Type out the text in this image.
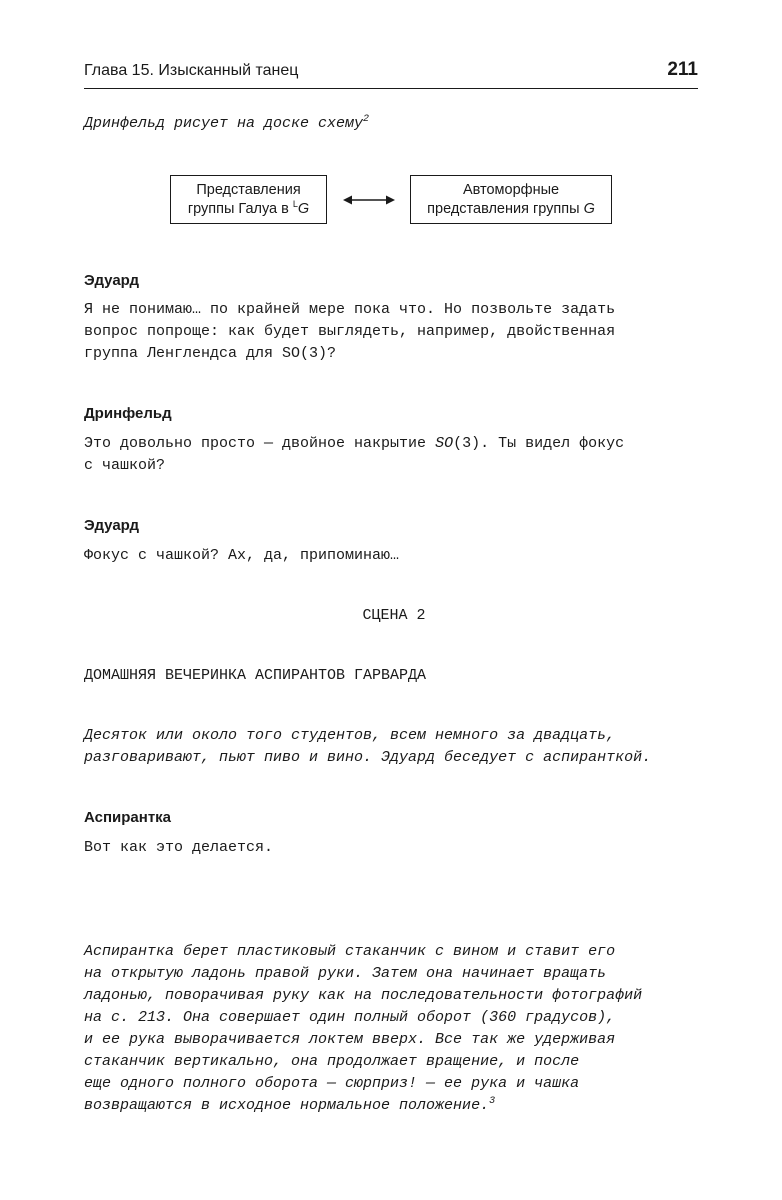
Глава 15. Изысканный танец	211
Дринфельд рисует на доске схему$^2$
Представления
группы Галуа в $^L$G
Автоморфные
представления группы G
Эдуард
Я не понимаю… по крайней мере пока что. Но позвольте задать
вопрос попроще: как будет выглядеть, например, двойственная
группа Ленглендса для SO(3)?
Дринфельд
Это довольно просто — двойное накрытие SO(3). Ты видел фокус
с чашкой?
Эдуард
Фокус с чашкой? Ах, да, припоминаю…
СЦЕНА 2
ДОМАШНЯЯ ВЕЧЕРИНКА АСПИРАНТОВ ГАРВАРДА
Десяток или около того студентов, всем немного за двадцать,
разговаривают, пьют пиво и вино. Эдуард беседует с аспиранткой.
Аспирантка
Вот как это делается.

Аспирантка берет пластиковый стаканчик с вином и ставит его
на открытую ладонь правой руки. Затем она начинает вращать
ладонью, поворачивая руку как на последовательности фотографий
на с. 213. Она совершает один полный оборот (360 градусов),
и ее рука выворачивается локтем вверх. Все так же удерживая
стаканчик вертикально, она продолжает вращение, и после
еще одного полного оборота — сюрприз! — ее рука и чашка
возвращаются в исходное нормальное положение.$^3$
